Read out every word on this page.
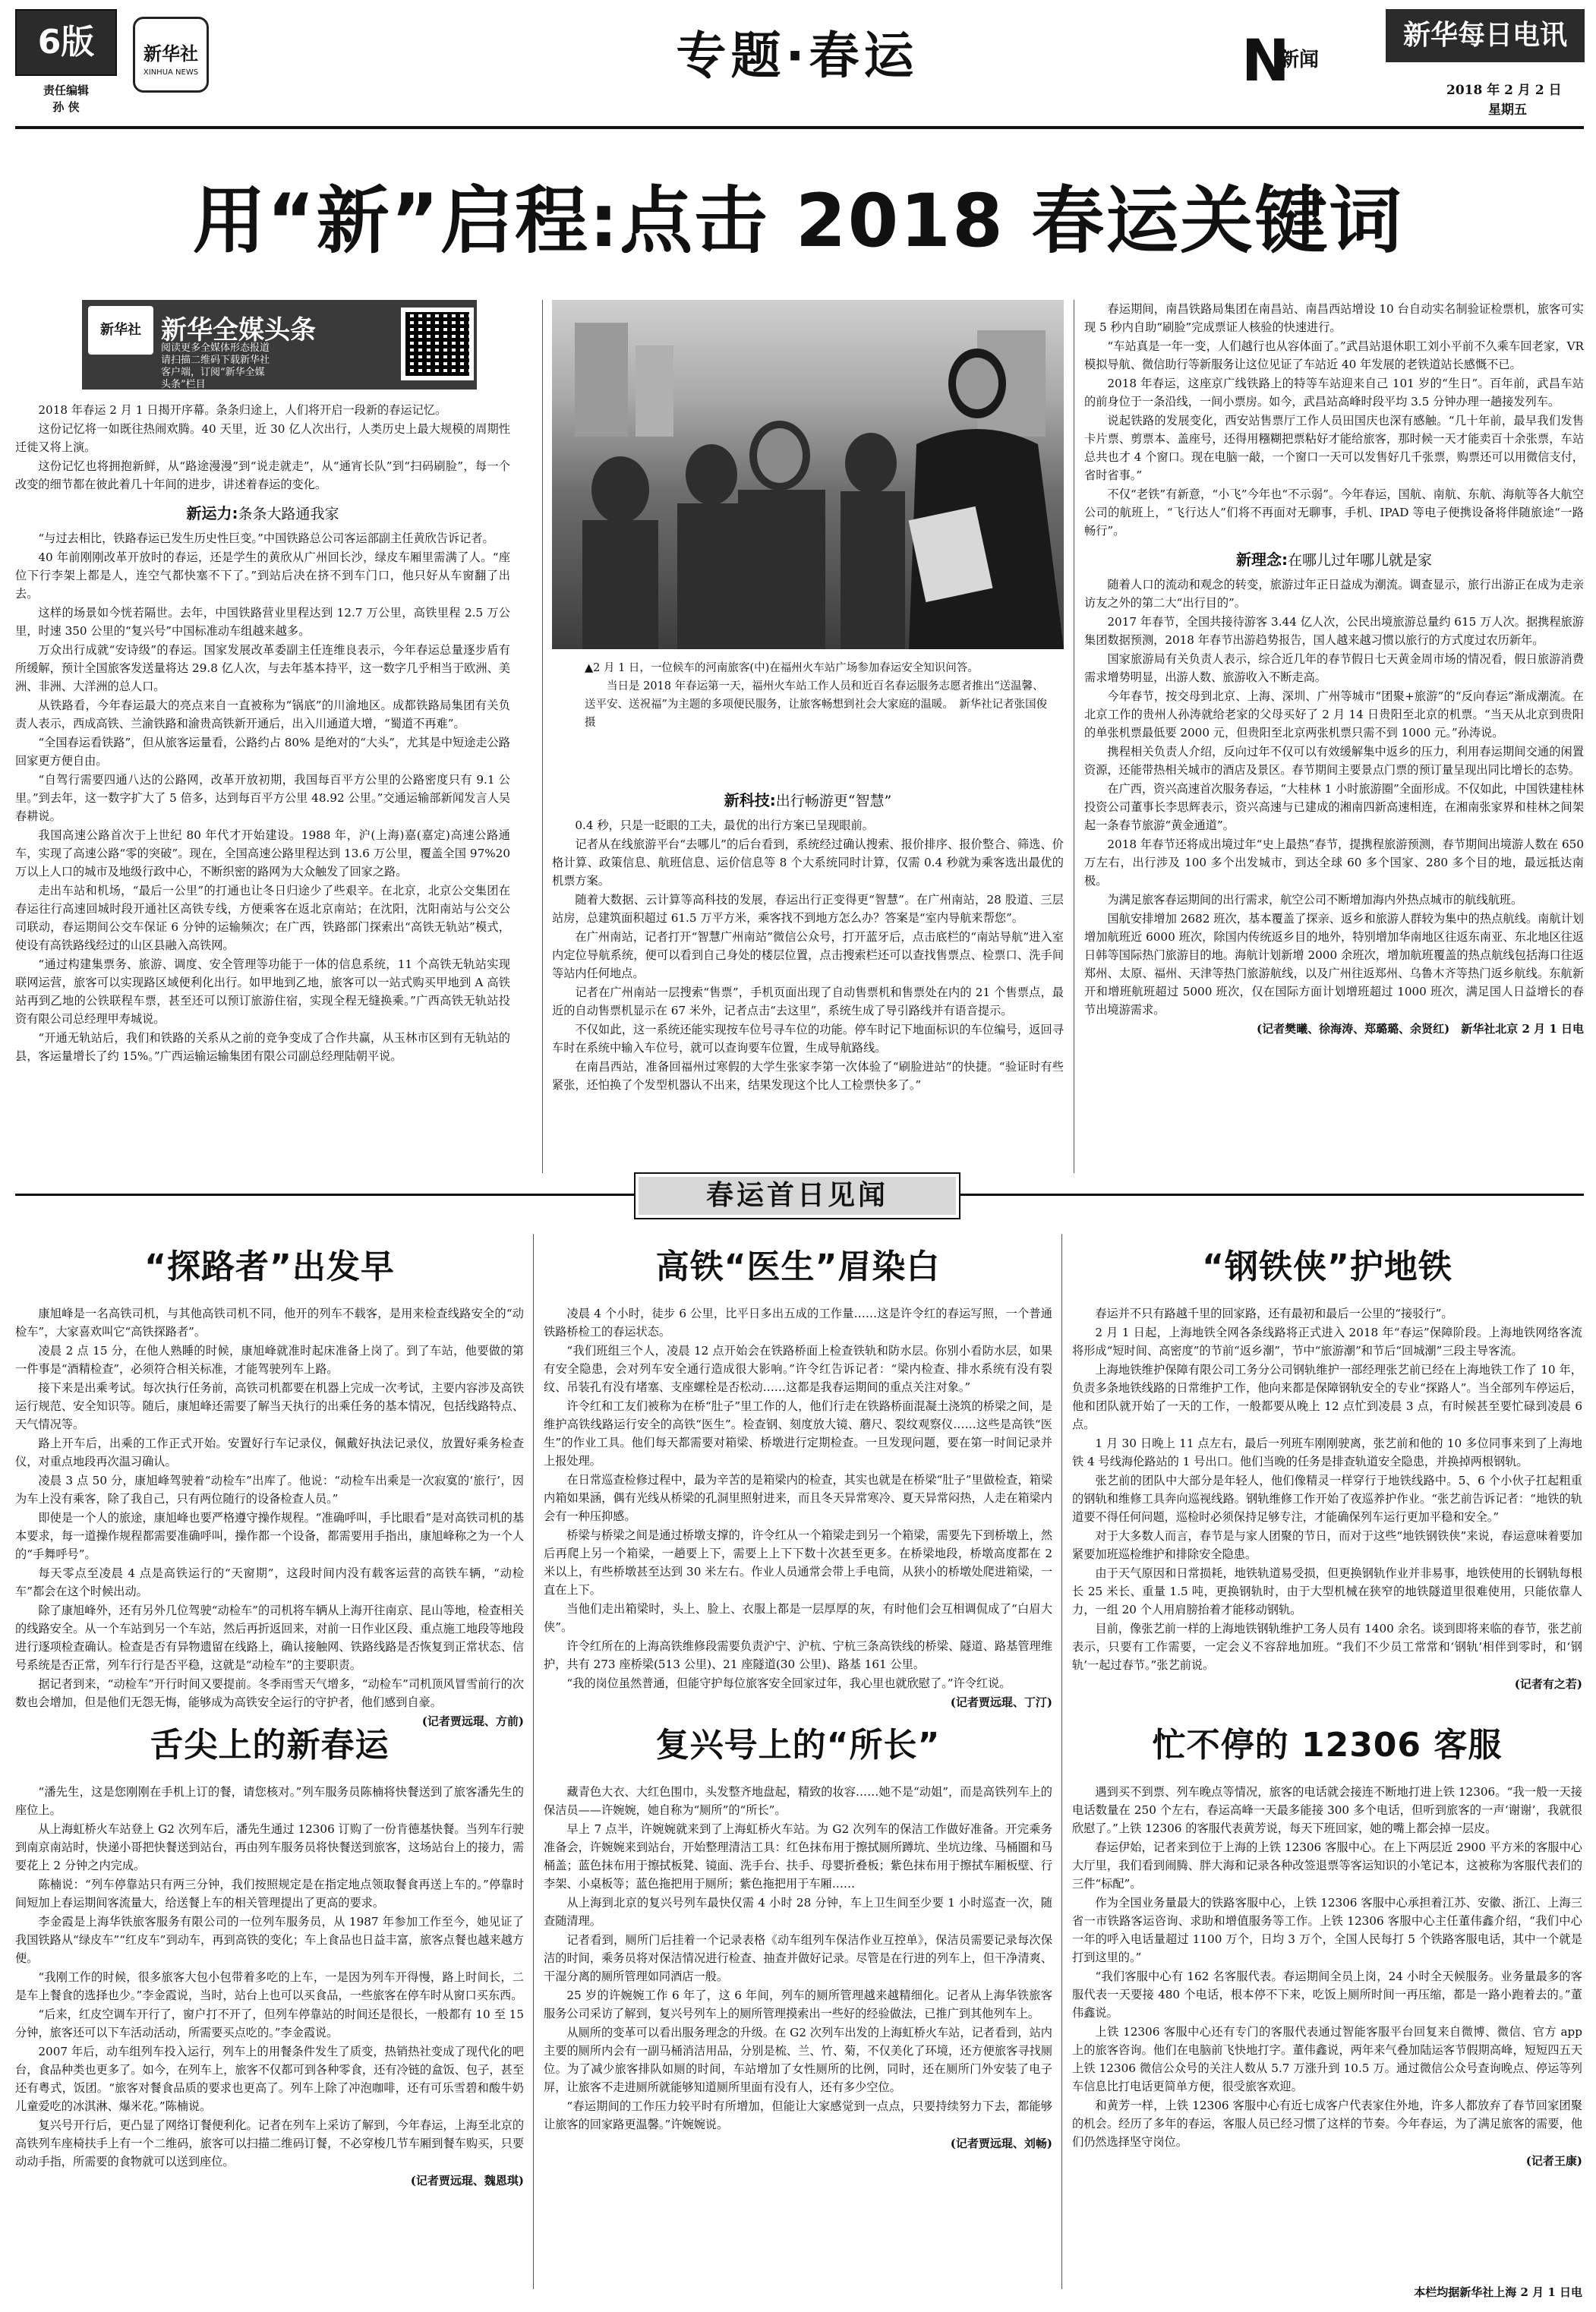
6版
责任编辑
孙 侠
新华社
XINHUA NEWS	专题·春运	N
新闻
新华每日电讯
2018 年 2 月 2 日
星期五
用“新”启程:点击 2018 春运关键词
新华社 新华全媒头条
阅读更多全媒体形态报道
请扫描二维码下载新华社
客户端，订阅“新华全媒
头条”栏目

2018 年春运 2 月 1 日揭开序幕。条条归途上，人们将开启一段新的春运记忆。

这份记忆将一如既往热闹欢腾。40 天里，近 30 亿人次出行，人类历史上最大规模的周期性迁徙又将上演。

这份记忆也将拥抱新鲜，从“路途漫漫”到“说走就走”，从“通宵长队”到“扫码刷脸”，每一个改变的细节都在彼此着几十年间的进步，讲述着春运的变化。

新运力:条条大路通我家

“与过去相比，铁路春运已发生历史性巨变。”中国铁路总公司客运部副主任黄欣告诉记者。

40 年前刚刚改革开放时的春运，还是学生的黄欣从广州回长沙，绿皮车厢里需满了人。“座位下行李架上都是人，连空气都快塞不下了。”到站后决在挤不到车门口，他只好从车窗翻了出去。

这样的场景如今恍若隔世。去年，中国铁路营业里程达到 12.7 万公里，高铁里程 2.5 万公里，时速 350 公里的“复兴号”中国标准动车组越来越多。

万众出行成就“安诗级”的春运。国家发展改革委副主任连维良表示，今年春运总量逐步盾有所缓解，预计全国旅客发送量将达 29.8 亿人次，与去年基本持平，这一数字几乎相当于欧洲、美洲、非洲、大洋洲的总人口。

从铁路看，今年春运最大的亮点来自一直被称为“锅底”的川渝地区。成都铁路局集团有关负责人表示，西成高铁、兰渝铁路和渝贵高铁新开通后，出入川通道大增，“蜀道不再难”。

“全国春运看铁路”，但从旅客运量看，公路约占 80% 是绝对的“大头”，尤其是中短途走公路回家更方便自由。

“自驾行需要四通八达的公路网，改革开放初期，我国每百平方公里的公路密度只有 9.1 公里。”到去年，这一数字扩大了 5 倍多，达到每百平方公里 48.92 公里。”交通运输部新闻发言人吴春耕说。

我国高速公路首次于上世纪 80 年代才开始建设。1988 年，沪(上海)嘉(嘉定)高速公路通车，实现了高速公路“零的突破”。现在，全国高速公路里程达到 13.6 万公里，覆盖全国 97%20 万以上人口的城市及地级行政中心，不断织密的路网为大众触发了回家之路。

走出车站和机场，“最后一公里”的打通也让冬日归途少了些艰辛。在北京，北京公交集团在春运往行高速回城时段开通社区高铁专线，方便乘客在返北京南站；在沈阳，沈阳南站与公交公司联动，春运期间公交车保证 6 分钟的运输频次；在广西，铁路部门探索出“高铁无轨站”模式，使设有高铁路线经过的山区县融入高铁网。

“通过构建集票务、旅游、调度、安全管理等功能于一体的信息系统，11 个高铁无轨站实现联网运营，旅客可以实现路区域便利化出行。如甲地到乙地，旅客可以一站式购买甲地到 A 高铁站再到乙地的公铁联程车票，甚至还可以预订旅游住宿，实现全程无缝换乘。”广西高铁无轨站投资有限公司总经理甲寿城说。

“开通无轨站后，我们和铁路的关系从之前的竞争变成了合作共赢，从玉林市区到有无轨站的县，客运量增长了约 15%。”广西运输运输集团有限公司副总经理陆朝平说。

▲2 月 1 日，一位候车的河南旅客(中)在福州火车站广场参加春运安全知识问答。
当日是 2018 年春运第一天，福州火车站工作人员和近百名春运服务志愿者推出“送温馨、送平安、送祝福”为主题的多项便民服务，让旅客畅想到社会大家庭的温暖。　新华社记者张国俊摄
新科技:出行畅游更“智慧”

0.4 秒，只是一眨眼的工夫，最优的出行方案已呈现眼前。

记者从在线旅游平台“去哪儿”的后台看到，系统经过确认搜索、报价排序、报价整合、筛选、价格计算、政策信息、航班信息、运价信息等 8 个大系统同时计算，仅需 0.4 秒就为乘客选出最优的机票方案。

随着大数据、云计算等高科技的发展，春运出行正变得更“智慧”。在广州南站，28 股道、三层站房，总建筑面积超过 61.5 万平方米，乘客找不到地方怎么办？答案是“室内导航来帮您”。

在广州南站，记者打开“智慧广州南站”微信公众号，打开蓝牙后，点击底栏的“南站导航”进入室内定位导航系统，便可以看到自己身处的楼层位置，点击搜索栏还可以查找售票点、检票口、洗手间等站内任何地点。

记者在广州南站一层搜索“售票”，手机页面出现了自动售票机和售票处在内的 21 个售票点，最近的自动售票机显示在 67 米外，记者点击“去这里”，系统生成了导引路线并有语音提示。

不仅如此，这一系统还能实现按车位号寻车位的功能。停车时记下地面标识的车位编号，返回寻车时在系统中输入车位号，就可以查询要车位置，生成导航路线。

在南昌西站，准备回福州过寒假的大学生张家李第一次体验了“刷脸进站”的快捷。“验证时有些紧张，还怕换了个发型机器认不出来，结果发现这个比人工检票快多了。”

春运期间，南昌铁路局集团在南昌站、南昌西站增设 10 台自动实名制验证检票机，旅客可实现 5 秒内自助“刷脸”完成票证人核验的快速进行。

“车站真是一年一变，人们越行也从容体面了。”武昌站退休职工刘小平前不久乘车回老家，VR 模拟导航、微信助行等新服务让这位见证了车站近 40 年发展的老铁道站长感慨不已。

2018 年春运，这座京广线铁路上的特等车站迎来自己 101 岁的“生日”。百年前，武昌车站的前身位于一条沿线，一间小票房。如今，武昌站高峰时段平均 3.5 分钟办理一趟接发列车。

说起铁路的发展变化，西安站售票厅工作人员田国庆也深有感触。“几十年前，最早我们发售卡片票、剪票本、盖座号，还得用糨糊把票粘好才能给旅客，那时候一天才能卖百十余张票，车站总共也才 4 个窗口。现在电脑一敲，一个窗口一天可以发售好几千张票，购票还可以用微信支付，省时省事。”

不仅“老铁”有新意，“小飞”今年也“不示弱”。今年春运，国航、南航、东航、海航等各大航空公司的航班上，“飞行达人”们将不再面对无聊事，手机、IPAD 等电子便携设备将伴随旅途“一路畅行”。

新理念:在哪儿过年哪儿就是家

随着人口的流动和观念的转变，旅游过年正日益成为潮流。调查显示，旅行出游正在成为走亲访友之外的第二大“出行目的”。

2017 年春节，全国共接待游客 3.44 亿人次，公民出境旅游总量约 615 万人次。据携程旅游集团数据预测，2018 年春节出游趋势报告，国人越来越习惯以旅行的方式度过农历新年。

国家旅游局有关负责人表示，综合近几年的春节假日七天黄金周市场的情况看，假日旅游消费需求增势明显，出游人数、旅游收入不断走高。

今年春节，按交母到北京、上海、深圳、广州等城市“团聚+旅游”的“反向春运”渐成潮流。在北京工作的贵州人孙涛就给老家的父母买好了 2 月 14 日贵阳至北京的机票。“当天从北京到贵阳的单张机票最低要 2000 元，但贵阳至北京两张机票只需不到 1000 元。”孙涛说。

携程相关负责人介绍，反向过年不仅可以有效缓解集中返乡的压力，利用春运期间交通的闲置资源，还能带热相关城市的酒店及景区。春节期间主要景点门票的预订量呈现出同比增长的态势。

在广西，资兴高速首次服务春运，“大桂林 1 小时旅游圈”全面形成。不仅如此，中国铁建桂林投资公司董事长李思辉表示，资兴高速与已建成的湘南四新高速相连，在湘南张家界和桂林之间架起一条春节旅游“黄金通道”。

2018 年春节还将成出境过年“史上最热”春节，提携程旅游预测，春节期间出境游人数在 650 万左右，出行涉及 100 多个出发城市，到达全球 60 多个国家、280 多个目的地，最远抵达南极。

为满足旅客春运期间的出行需求，航空公司不断增加海内外热点城市的航线航班。

国航安排增加 2682 班次，基本覆盖了探亲、返乡和旅游人群较为集中的热点航线。南航计划增加航班近 6000 班次，除国内传统返乡目的地外，特别增加华南地区往返东南亚、东北地区往返日韩等国际热门旅游目的地。海航计划新增 2000 余班次，增加航班覆盖的热点航线包括海口往返郑州、太原、福州、天津等热门旅游航线，以及广州往返郑州、乌鲁木齐等热门返乡航线。东航新开和增班航班超过 5000 班次，仅在国际方面计划增班超过 1000 班次，满足国人日益增长的春节出境游需求。

(记者樊曦、徐海涛、郑璐璐、余贤红)　新华社北京 2 月 1 日电
春运首日见闻
“探路者”出发早

康旭峰是一名高铁司机，与其他高铁司机不同，他开的列车不载客，是用来检查线路安全的“动检车”，大家喜欢叫它“高铁探路者”。

凌晨 2 点 15 分，在他人熟睡的时候，康旭峰就准时起床准备上岗了。到了车站，他要做的第一件事是“酒精检查”，必须符合相关标准，才能驾驶列车上路。

接下来是出乘考试。每次执行任务前，高铁司机都要在机器上完成一次考试，主要内容涉及高铁运行规范、安全知识等。随后，康旭峰还需要了解当天执行的出乘任务的基本情况，包括线路特点、天气情况等。

路上开车后，出乘的工作正式开始。安置好行车记录仪，佩戴好执法记录仪，放置好乘务检查仪，对重点地段再次温习确认。

凌晨 3 点 50 分，康旭峰驾驶着“动检车”出库了。他说：“动检车出乘是一次寂寞的‘旅行’，因为车上没有乘客，除了我自己，只有两位随行的设备检查人员。”

即使是一个人的旅途，康旭峰也要严格遵守操作规程。“准确呼叫，手比眼看”是对高铁司机的基本要求，每一道操作规程都需要准确呼叫，操作都一个设备，都需要用手指出，康旭峰称之为一个人的“手舞呼号”。

每天零点至凌晨 4 点是高铁运行的“天窗期”，这段时间内没有载客运营的高铁车辆，“动检车”都会在这个时候出动。

除了康旭峰外，还有另外几位驾驶“动检车”的司机将车辆从上海开往南京、昆山等地，检查相关的线路安全。从一个车站到另一个车站，然后再折返回来，对前一日作业区段、重点施工地段等地段进行逐项检查确认。检查是否有异物遗留在线路上，确认接触网、铁路线路是否恢复到正常状态、信号系统是否正常，列车行行是否平稳，这就是“动检车”的主要职责。

据记者到来，“动检车”开行时间又要提前。冬季雨雪天气增多，“动检车”司机顶风冒雪前行的次数也会增加，但是他们无怨无悔，能够成为高铁安全运行的守护者，他们感到自豪。

(记者贾远琨、方前)
高铁“医生”眉染白

凌晨 4 个小时，徒步 6 公里，比平日多出五成的工作量……这是许令红的春运写照，一个普通铁路桥检工的春运状态。

“我们班组三个人，凌晨 12 点开始会在铁路桥面上检查铁轨和防水层。你别小看防水层，如果有安全隐患，会对列车安全通行造成很大影响。”许令红告诉记者：“梁内检查、排水系统有没有裂纹、吊装孔有没有堵塞、支座螺栓是否松动……这都是我春运期间的重点关注对象。”

许令红和工友们被称为在桥“肚子”里工作的人，他们行走在铁路桥面混凝土浇筑的桥梁之间，是维护高铁线路运行安全的高铁“医生”。检查钢、刻度放大镜、蘑尺、裂纹观察仪……这些是高铁“医生”的作业工具。他们每天都需要对箱梁、桥墩进行定期检查。一旦发现问题，要在第一时间记录并上报处理。

在日常巡查检修过程中，最为辛苦的是箱梁内的检查，其实也就是在桥梁“肚子”里做检查，箱梁内箱如果涵，偶有光线从桥梁的孔洞里照射进来，而且冬天异常寒冷、夏天异常闷热，人走在箱梁内会有一种压抑感。

桥梁与桥梁之间是通过桥墩支撑的，许令红从一个箱梁走到另一个箱梁，需要先下到桥墩上，然后再爬上另一个箱梁，一趟要上下，需要上上下下数十次甚至更多。在桥梁地段，桥墩高度都在 2 米以上，有些桥墩甚至达到 30 米左右。作业人员通常会带上手电筒，从狭小的桥墩处爬进箱梁，一直在上下。

当他们走出箱梁时，头上、脸上、衣服上都是一层厚厚的灰，有时他们会互相调侃成了“白眉大侠”。

许令红所在的上海高铁维修段需要负责沪宁、沪杭、宁杭三条高铁线的桥梁、隧道、路基管理维护，共有 273 座桥梁(513 公里)、21 座隧道(30 公里)、路基 161 公里。

“我的岗位虽然普通，但能守护每位旅客安全回家过年，我心里也就欣慰了。”许令红说。

(记者贾远琨、丁汀)
“钢铁侠”护地铁

春运并不只有路越千里的回家路，还有最初和最后一公里的“接驳行”。

2 月 1 日起，上海地铁全网各条线路将正式进入 2018 年“春运”保障阶段。上海地铁网络客流将形成“短时间、高密度”的节前“返乡潮”，节中“旅游潮”和节后“回城潮”三段主导客流。

上海地铁维护保障有限公司工务分公司钢轨维护一部经理张艺前已经在上海地铁工作了 10 年，负责多条地铁线路的日常维护工作，他向来都是保障钢轨安全的专业“探路人”。当全部列车停运后，他和团队就开始了一天的工作，一般都要从晚上 12 点忙到凌晨 3 点，有时候甚至要忙碌到凌晨 6 点。

1 月 30 日晚上 11 点左右，最后一列班车刚刚驶离，张艺前和他的 10 多位同事来到了上海地铁 4 号线海伦路站的 1 号出口。他们当晚的任务是排查轨道安全隐患，并换掉两根钢轨。

张艺前的团队中大部分是年轻人，他们像精灵一样穿行于地铁线路中。5、6 个小伙子扛起粗重的钢轨和维修工具奔向巡视线路。钢轨维修工作开始了夜巡养护作业。“张艺前告诉记者：“地铁的轨道要不得任何问题，巡检时必须保持足够专注，才能确保列车运行更加平稳和安全。”

对于大多数人而言，春节是与家人团聚的节日，而对于这些“地铁钢铁侠”来说，春运意味着要加紧要加班巡检维护和排除安全隐患。

由于天气原因和日常损耗，地铁轨道易受损，但更换钢轨作业并非易事，地铁使用的长钢轨每根长 25 米长、重量 1.5 吨，更换钢轨时，由于大型机械在狭窄的地铁隧道里很难使用，只能依靠人力，一组 20 个人用肩膀抬着才能移动钢轨。

目前，像张艺前一样的上海地铁钢轨维护工务人员有 1400 余名。谈到即将来临的春节，张艺前表示，只要有工作需要，一定会义不容辞地加班。“我们不少员工常常和‘钢轨’相伴到零时，和‘钢轨’一起过春节。”张艺前说。

(记者有之若)
舌尖上的新春运

“潘先生，这是您刚刚在手机上订的餐，请您核对。”列车服务员陈楠将快餐送到了旅客潘先生的座位上。

从上海虹桥火车站登上 G2 次列车后，潘先生通过 12306 订购了一份肯德基快餐。当列车行驶到南京南站时，快递小哥把快餐送到站台，再由列车服务员将快餐送到旅客，这场站台上的接力，需要花上 2 分钟之内完成。

陈楠说：“列车停靠站只有两三分钟，我们按照规定是在指定地点领取餐食再送上车的。”停靠时间短加上春运期间客流量大，给送餐上车的相关管理提出了更高的要求。

李金霞是上海华铁旅客服务有限公司的一位列车服务员，从 1987 年参加工作至今，她见证了我国铁路从“绿皮车”“红皮车”到动车，再到高铁的变化；车上食品也日益丰富，旅客点餐也越来越方便。

“我刚工作的时候，很多旅客大包小包带着多吃的上车，一是因为列车开得慢，路上时间长，二是车上餐食的选择也少。”李金霞说，当时，站台上也可以买食品，一些旅客在停车时从窗口买东西。

“后来，红皮空调车开行了，窗户打不开了，但列车停靠站的时间还是很长，一般都有 10 至 15 分钟，旅客还可以下车活动活动，所需要买点吃的。”李金霞说。

2007 年后，动车组列车投入运行，列车上的用餐条件发生了质变，热销热社变成了现代化的吧台，食品种类也更多了。如今，在列车上，旅客不仅都可到各种零食，还有冷链的盒饭、包子，甚至还有粤式，饭团。“旅客对餐食品质的要求也更高了。列车上除了冲泡咖啡，还有可乐雪碧和酸牛奶儿童爱吃的冰淇淋、爆米花。”陈楠说。

复兴号开行后，更凸显了网络订餐便利化。记者在列车上采访了解到，今年春运，上海至北京的高铁列车座椅扶手上有一个二维码，旅客可以扫描二维码订餐，不必穿梭几节车厢到餐车购买，只要动动手指，所需要的食物就可以送到座位。

(记者贾远琨、魏恩琪)
复兴号上的“所长”

藏青色大衣、大红色围巾，头发整齐地盘起，精致的妆容……她不是“动姐”，而是高铁列车上的保洁员——许婉婉，她自称为“厕所”的“所长”。

早上 7 点半，许婉婉就来到了上海虹桥火车站。为 G2 次列车的保洁工作做好准备。开完乘务准备会，许婉婉来到站台，开始整理清洁工具：红色抹布用于擦拭厕所蹲坑、坐坑边缘、马桶圈和马桶盖；蓝色抹布用于擦拭板凳、镜面、洗手台、扶手、母婴折叠板；紫色抹布用于擦拭车厢板壁、行李架、小桌板等；蓝色拖把用于厕所；紫色拖把用于车厢……

从上海到北京的复兴号列车最快仅需 4 小时 28 分钟，车上卫生间至少要 1 小时巡查一次，随查随清理。

记者看到，厕所门后挂着一个记录表格《动车组列车保洁作业互控单》，保洁员需要记录每次保洁的时间，乘务员将对保洁情况进行检查、抽查并做好记录。尽管是在行进的列车上，但干净清爽、干湿分离的厕所管理如同酒店一般。

25 岁的许婉婉工作 6 年了，这 6 年间，列车的厕所管理越来越精细化。记者从上海华铁旅客服务公司采访了解到，复兴号列车上的厕所管理摸索出一些好的经验做法，已推广到其他列车上。

从厕所的变革可以看出服务理念的升级。在 G2 次列车出发的上海虹桥火车站，记者看到，站内主要的厕所内会有一副马桶消洁用品，分别是梳、兰、竹、菊，不仅美化了环境，还方便旅客寻找厕位。为了减少旅客排队如厕的时间，车站增加了女性厕所的比例，同时，还在厕所门外安装了电子屏，让旅客不走进厕所就能够知道厕所里面有没有人，还有多少空位。

“春运期间的工作压力较平时有所增加，但能让大家感觉到一点点，只要持续努力下去，都能够让旅客的回家路更温馨。”许婉婉说。

(记者贾远琨、刘畅)
忙不停的 12306 客服

遇到买不到票、列车晚点等情况，旅客的电话就会接连不断地打进上铁 12306。“我一般一天接电话数量在 250 个左右，春运高峰一天最多能接 300 多个电话，但听到旅客的一声‘谢谢’，我就很欣慰了。”上铁 12306 的客服代表黄芳说，每天下班回家，她的嘴上都会掉一层皮。

春运伊始，记者来到位于上海的上铁 12306 客服中心。在上下两层近 2900 平方米的客服中心大厅里，我们看到闹腾、胖大海和记录各种改签退票等客运知识的小笔记本，这被称为客服代表们的三件“标配”。

作为全国业务量最大的铁路客服中心，上铁 12306 客服中心承担着江苏、安徽、浙江、上海三省一市铁路客运咨询、求助和增值服务等工作。上铁 12306 客服中心主任董伟鑫介绍，“我们中心一年的呼入电话量超过 1100 万个，日均 3 万个，全国人民每打 5 个铁路客服电话，其中一个就是打到这里的。”

“我们客服中心有 162 名客服代表。春运期间全员上岗，24 小时全天候服务。业务量最多的客服代表一天要接 480 个电话，根本停不下来，吃饭上厕所时间一再压缩，都是一路小跑着去的。”董伟鑫说。

上铁 12306 客服中心还有专门的客服代表通过智能客服平台回复来自微博、微信、官方 app 上的旅客咨询。他们在电脑前飞快地打字。董伟鑫说，两年来气叠加陆运客节假期高峰，短短四五天上铁 12306 微信公众号的关注人数从 5.7 万涨升到 10.5 万。通过微信公众号查询晚点、停运等列车信息比打电话更简单方便，很受旅客欢迎。

和黄芳一样，上铁 12306 客服中心有近七成客户代表家住外地，许多人都放弃了春节回家团聚的机会。经历了多年的春运，客服人员已经习惯了这样的节奏。今年春运，为了满足旅客的需要，他们仍然选择坚守岗位。

(记者王康)
本栏均据新华社上海 2 月 1 日电
